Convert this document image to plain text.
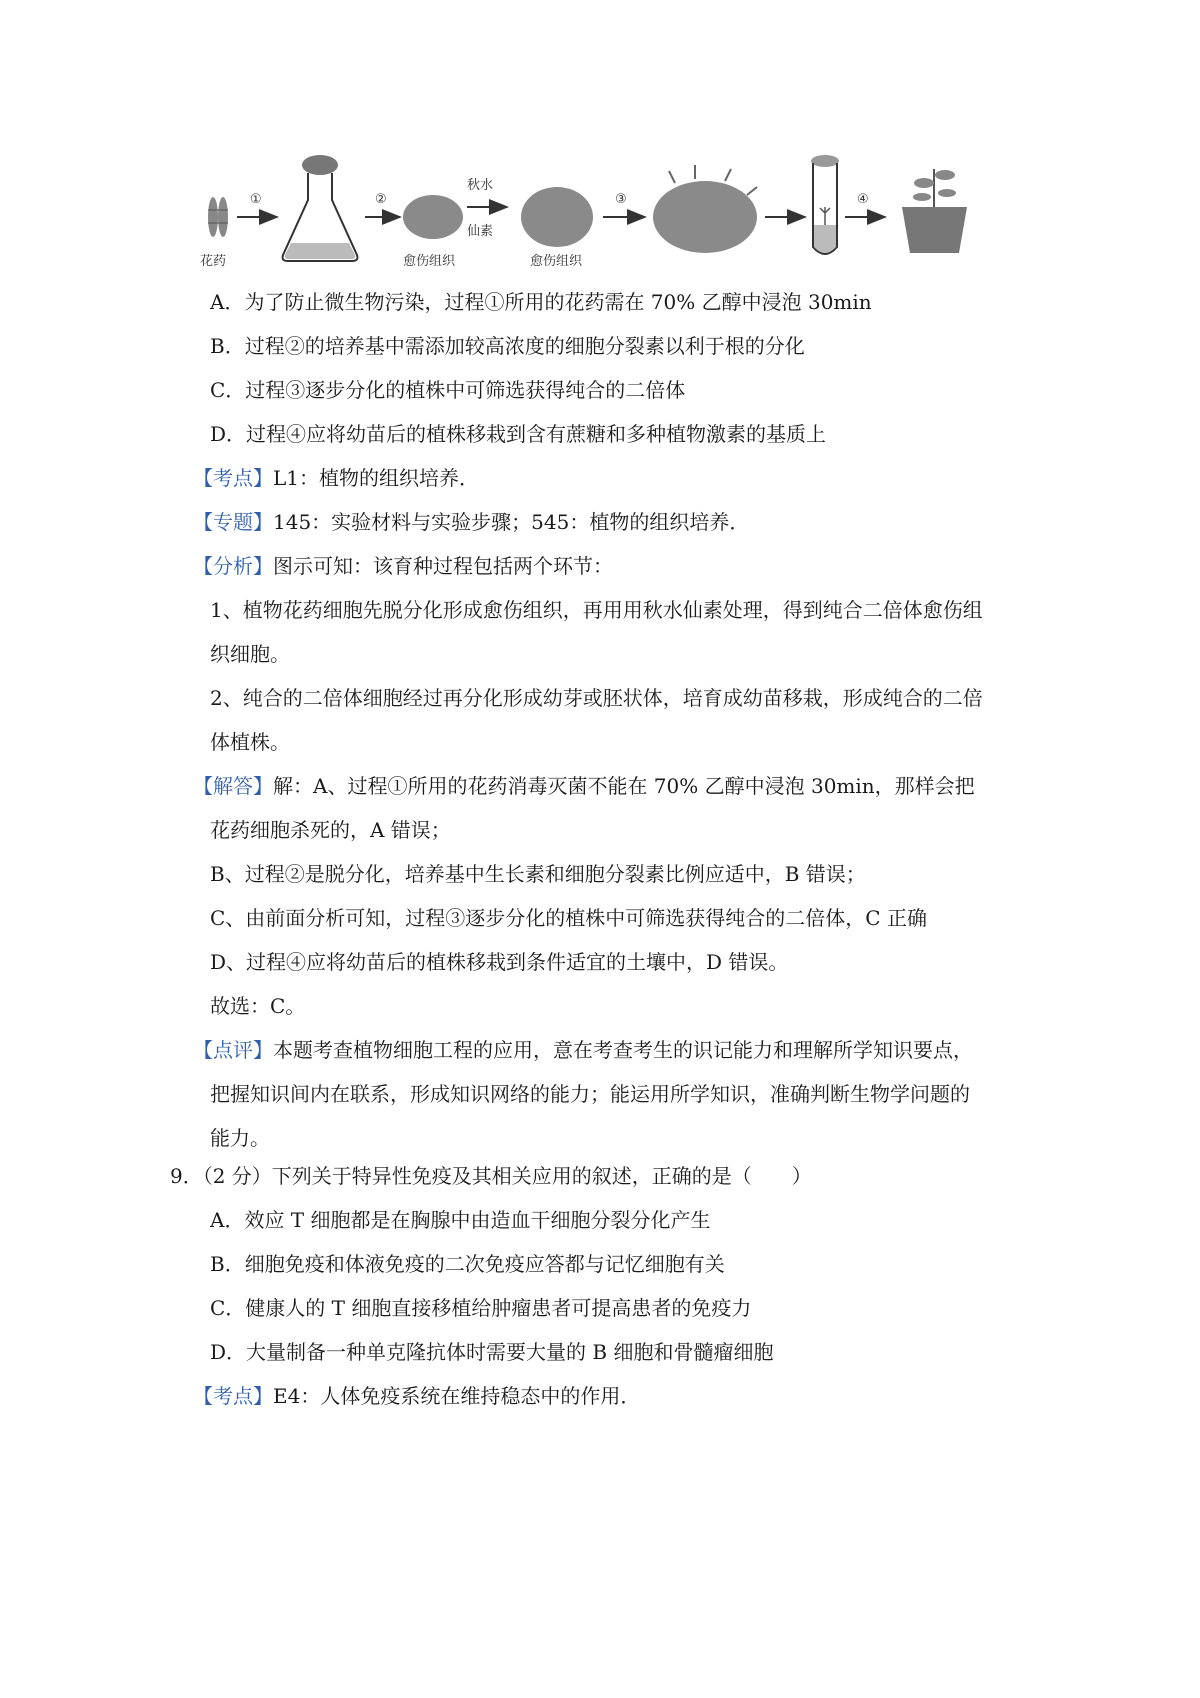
花药
①	②
愈伤组织
秋水
仙素
愈伤组织
③	④
A．为了防止微生物污染，过程①所用的花药需在 70% 乙醇中浸泡 30min
B．过程②的培养基中需添加较高浓度的细胞分裂素以利于根的分化
C．过程③逐步分化的植株中可筛选获得纯合的二倍体
D．过程④应将幼苗后的植株移栽到含有蔗糖和多种植物激素的基质上
【考点】L1：植物的组织培养．
【专题】145：实验材料与实验步骤；545：植物的组织培养．
【分析】图示可知：该育种过程包括两个环节：
1、植物花药细胞先脱分化形成愈伤组织，再用用秋水仙素处理，得到纯合二倍体愈伤组
织细胞。
2、纯合的二倍体细胞经过再分化形成幼芽或胚状体，培育成幼苗移栽，形成纯合的二倍
体植株。
【解答】解：A、过程①所用的花药消毒灭菌不能在 70% 乙醇中浸泡 30min，那样会把
花药细胞杀死的，A 错误；
B、过程②是脱分化，培养基中生长素和细胞分裂素比例应适中，B 错误；
C、由前面分析可知，过程③逐步分化的植株中可筛选获得纯合的二倍体，C 正确
D、过程④应将幼苗后的植株移栽到条件适宜的土壤中，D 错误。
故选：C。
【点评】本题考查植物细胞工程的应用，意在考查考生的识记能力和理解所学知识要点，
把握知识间内在联系，形成知识网络的能力；能运用所学知识，准确判断生物学问题的
能力。
9．（2 分）下列关于特异性免疫及其相关应用的叙述，正确的是（　　）
A．效应 T 细胞都是在胸腺中由造血干细胞分裂分化产生
B．细胞免疫和体液免疫的二次免疫应答都与记忆细胞有关
C．健康人的 T 细胞直接移植给肿瘤患者可提高患者的免疫力
D．大量制备一种单克隆抗体时需要大量的 B 细胞和骨髓瘤细胞
【考点】E4：人体免疫系统在维持稳态中的作用．
